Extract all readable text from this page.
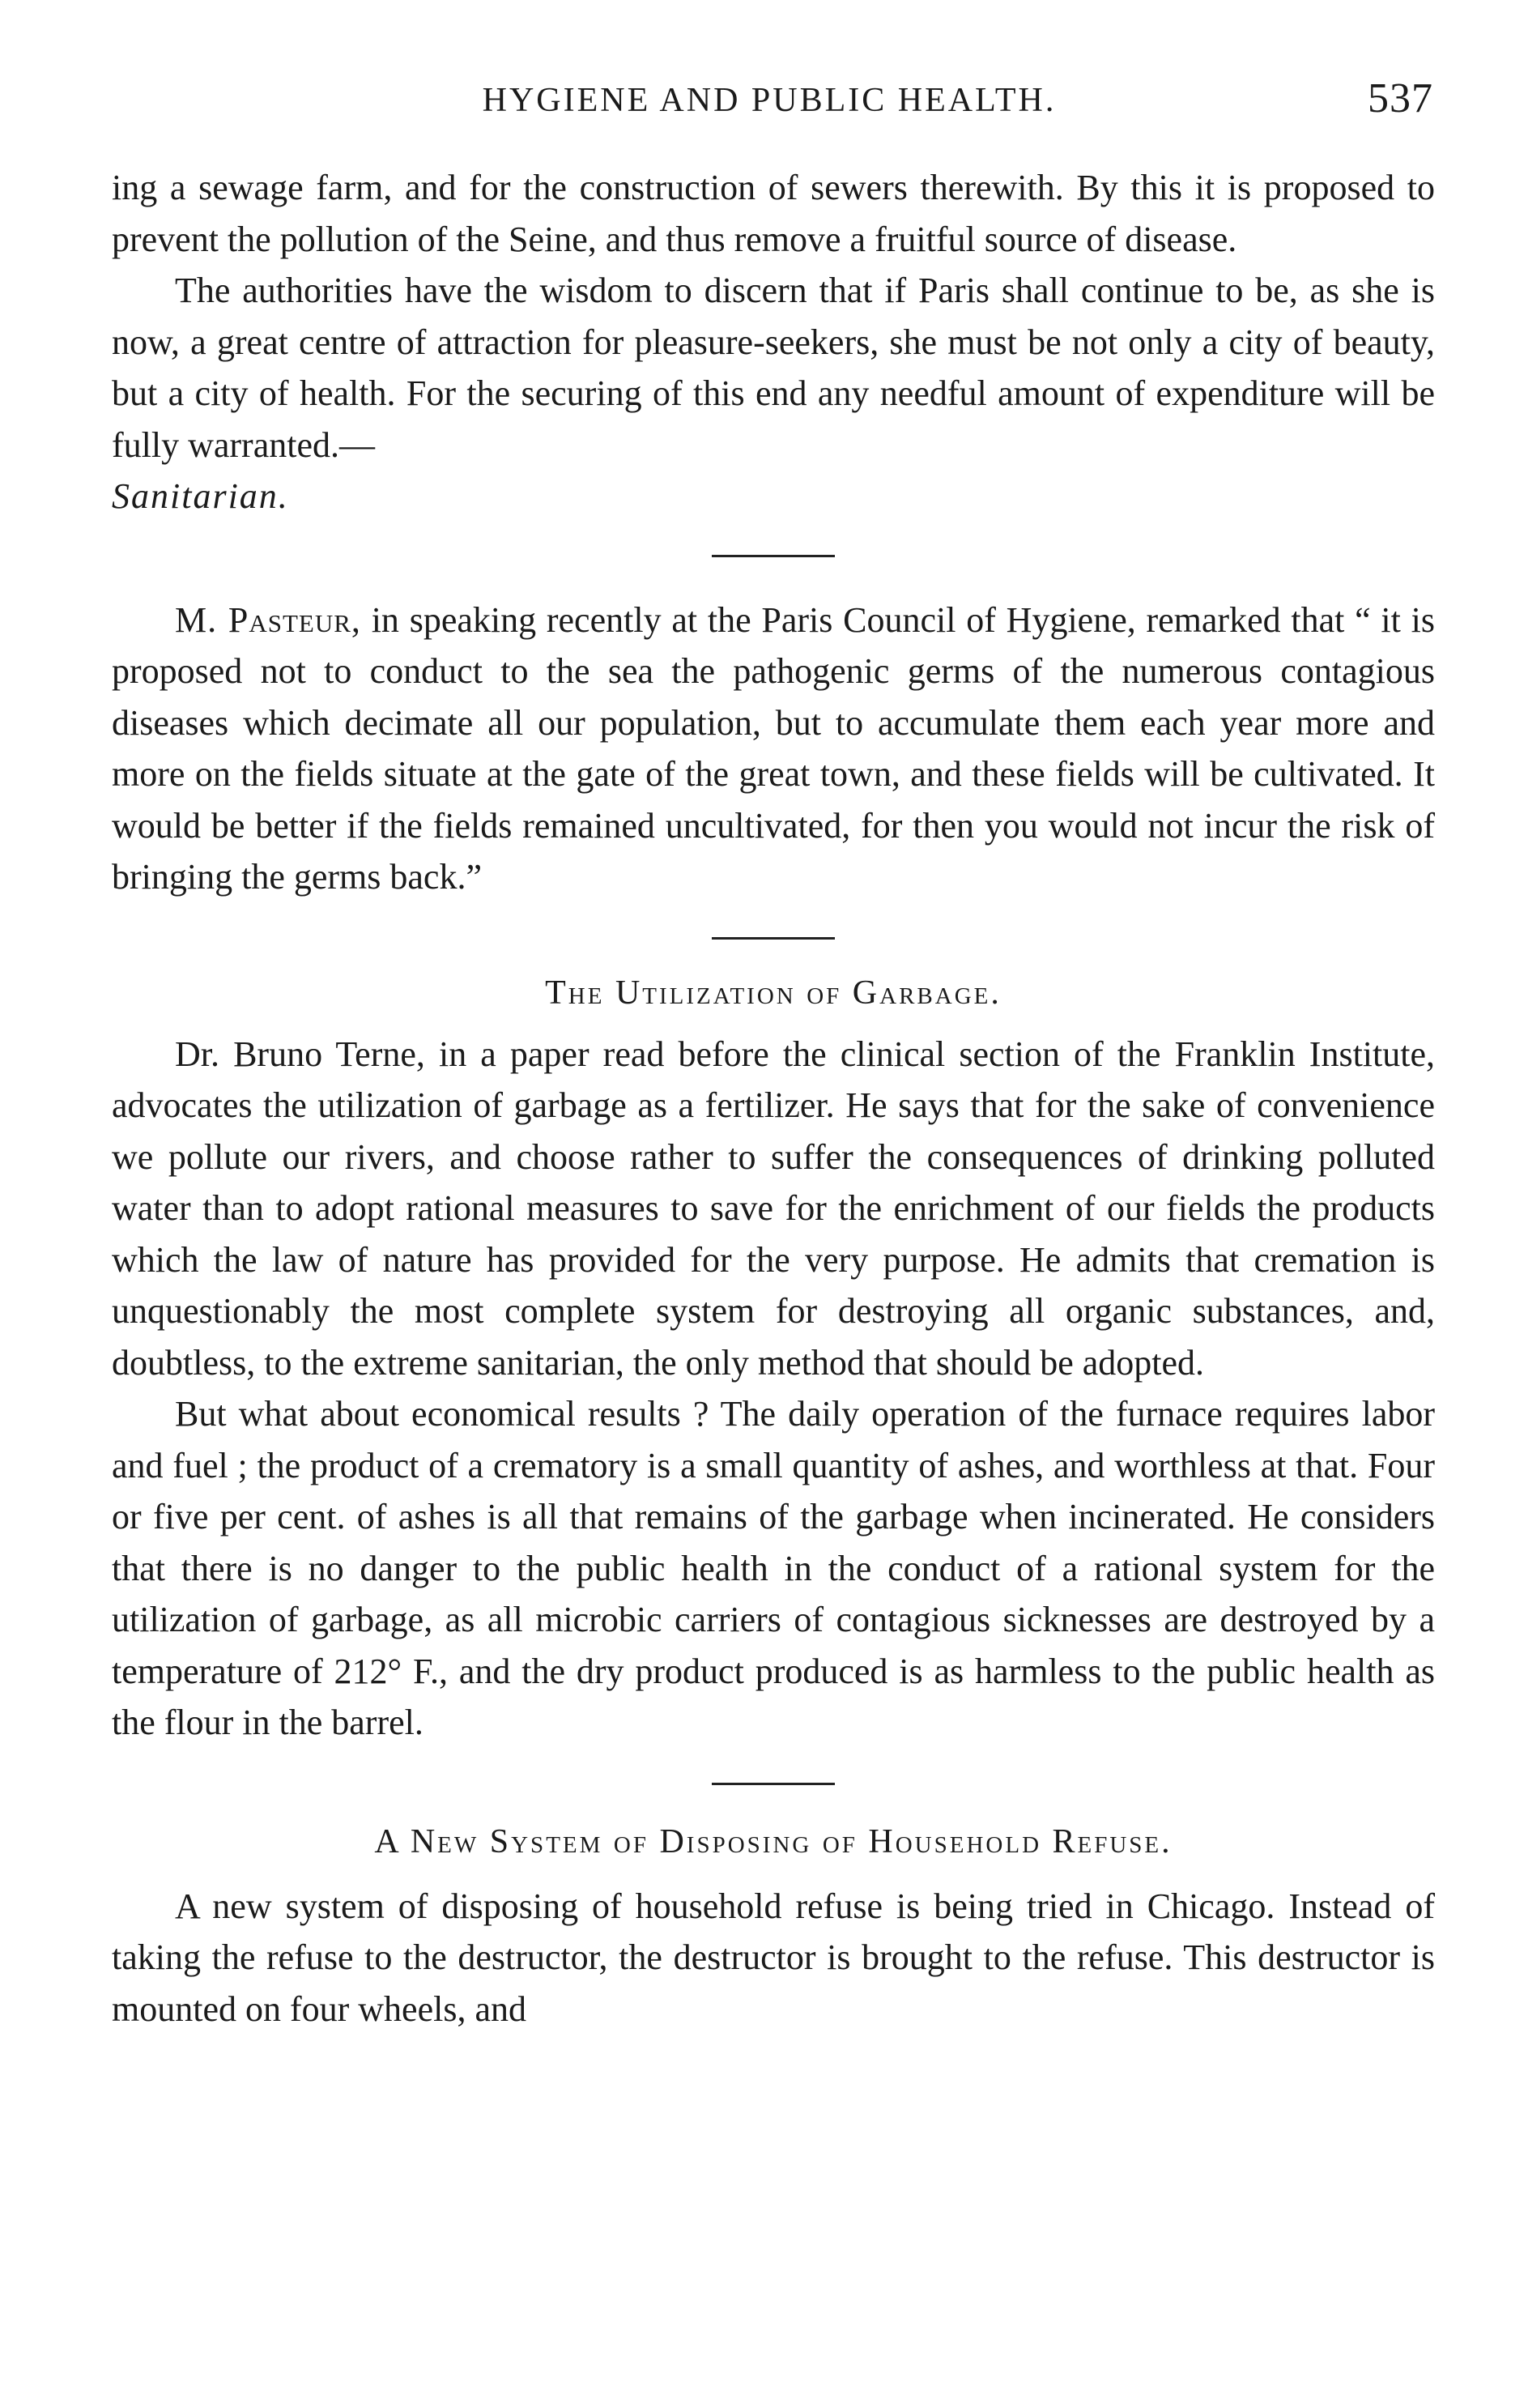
HYGIENE AND PUBLIC HEALTH.	537

ing a sewage farm, and for the construction of sewers therewith. By this it is proposed to prevent the pollution of the Seine, and thus remove a fruitful source of disease.

The authorities have the wisdom to discern that if Paris shall continue to be, as she is now, a great centre of attraction for pleasure-seekers, she must be not only a city of beauty, but a city of health. For the securing of this end any needful amount of expenditure will be fully warranted.—
Sanitarian.

M. Pasteur, in speaking recently at the Paris Council of Hygiene, remarked that “ it is proposed not to conduct to the sea the pathogenic germs of the numerous contagious diseases which decimate all our population, but to accumulate them each year more and more on the fields situate at the gate of the great town, and these fields will be cultivated. It would be better if the fields remained uncultivated, for then you would not incur the risk of bringing the germs back.”

The Utilization of Garbage.

Dr. Bruno Terne, in a paper read before the clinical section of the Franklin Institute, advocates the utilization of garbage as a fertilizer. He says that for the sake of convenience we pollute our rivers, and choose rather to suffer the consequences of drinking polluted water than to adopt rational measures to save for the enrichment of our fields the products which the law of nature has provided for the very purpose. He admits that cremation is unquestionably the most complete system for destroying all organic substances, and, doubtless, to the extreme sanitarian, the only method that should be adopted.

But what about economical results ? The daily operation of the furnace requires labor and fuel ; the product of a crematory is a small quantity of ashes, and worthless at that. Four or five per cent. of ashes is all that remains of the garbage when incinerated. He considers that there is no danger to the public health in the conduct of a rational system for the utilization of garbage, as all microbic carriers of contagious sicknesses are destroyed by a temperature of 212° F., and the dry product produced is as harmless to the public health as the flour in the barrel.

A New System of Disposing of Household Refuse.

A new system of disposing of household refuse is being tried in Chicago. Instead of taking the refuse to the destructor, the destructor is brought to the refuse. This destructor is mounted on four wheels, and
